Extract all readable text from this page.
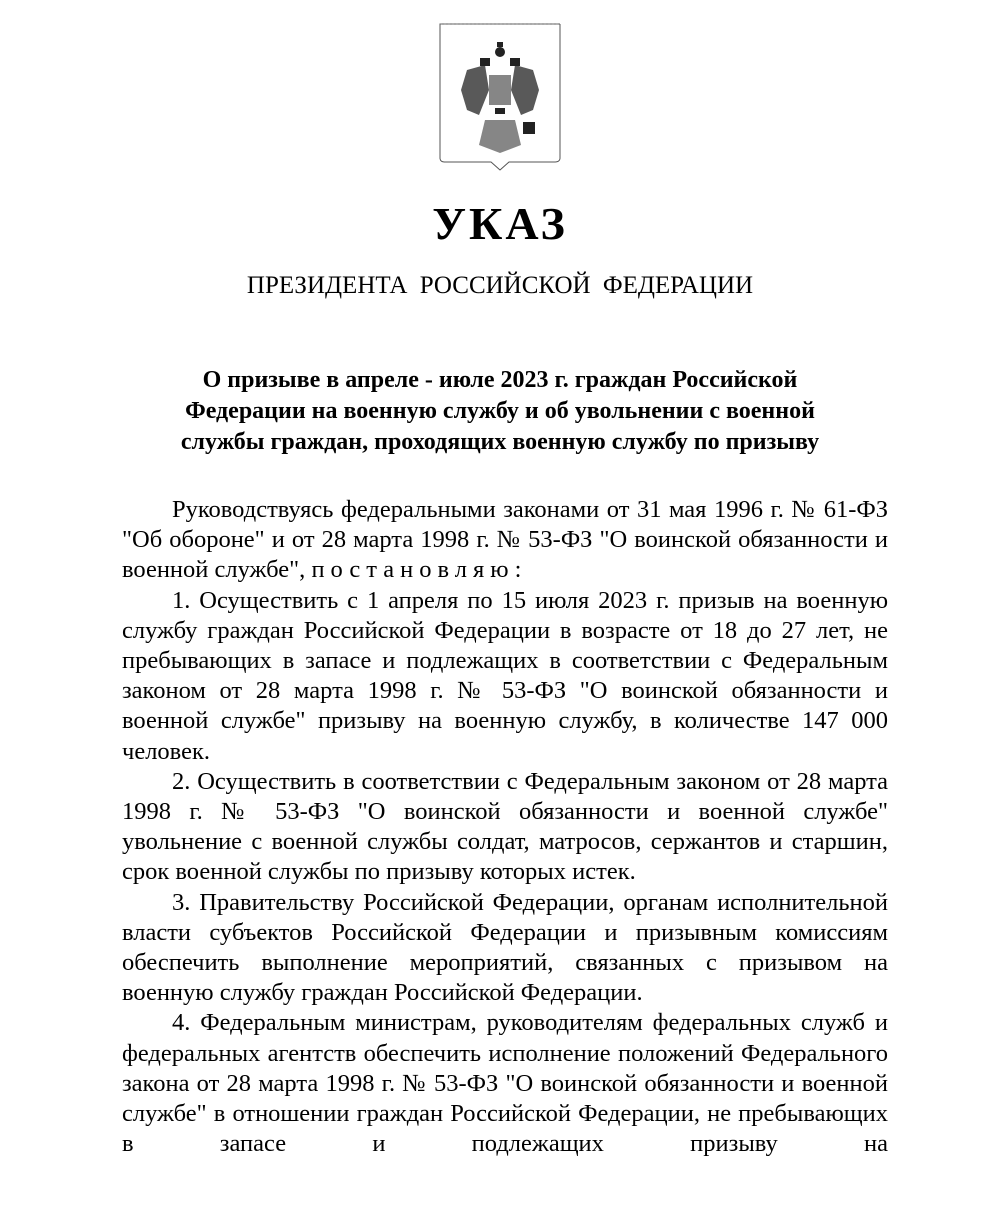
УКАЗ
ПРЕЗИДЕНТА РОССИЙСКОЙ ФЕДЕРАЦИИ
О призыве в апреле - июле 2023 г. граждан Российской
Федерации на военную службу и об увольнении с военной
службы граждан, проходящих военную службу по призыву

Руководствуясь федеральными законами от 31 мая 1996 г. № 61-ФЗ "Об обороне" и от 28 марта 1998 г. № 53-ФЗ "О воинской обязанности и военной службе", постановляю:

1. Осуществить с 1 апреля по 15 июля 2023 г. призыв на военную службу граждан Российской Федерации в возрасте от 18 до 27 лет, не пребывающих в запасе и подлежащих в соответствии с Федеральным законом от 28 марта 1998 г. № 53-ФЗ "О воинской обязанности и военной службе" призыву на военную службу, в количестве 147 000 человек.

2. Осуществить в соответствии с Федеральным законом от 28 марта 1998 г. № 53-ФЗ "О воинской обязанности и военной службе" увольнение с военной службы солдат, матросов, сержантов и старшин, срок военной службы по призыву которых истек.

3. Правительству Российской Федерации, органам исполнительной власти субъектов Российской Федерации и призывным комиссиям обеспечить выполнение мероприятий, связанных с призывом на военную службу граждан Российской Федерации.

4. Федеральным министрам, руководителям федеральных служб и федеральных агентств обеспечить исполнение положений Федерального закона от 28 марта 1998 г. № 53-ФЗ "О воинской обязанности и военной службе" в отношении граждан Российской Федерации, не пребывающих в запасе и подлежащих призыву на
